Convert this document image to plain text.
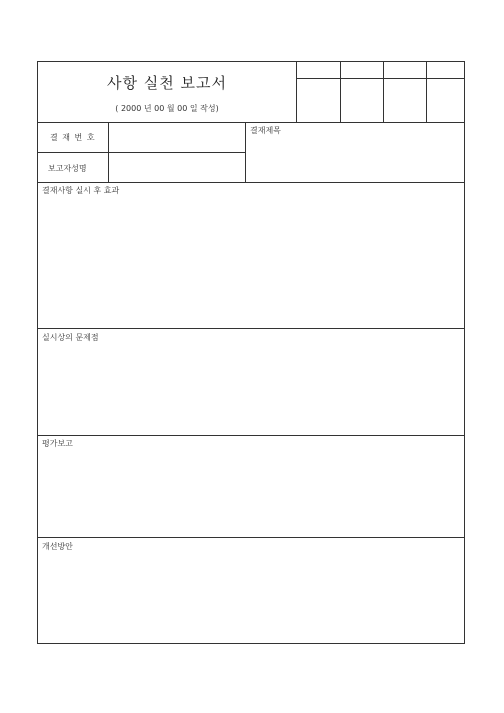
사항 실천 보고서
( 2000 년 00 월 00 일 작성)
결 재 번 호
보고자성명
결재제목
결재사항 실시 후 효과
실시상의 문제점
평가보고
개선방안
